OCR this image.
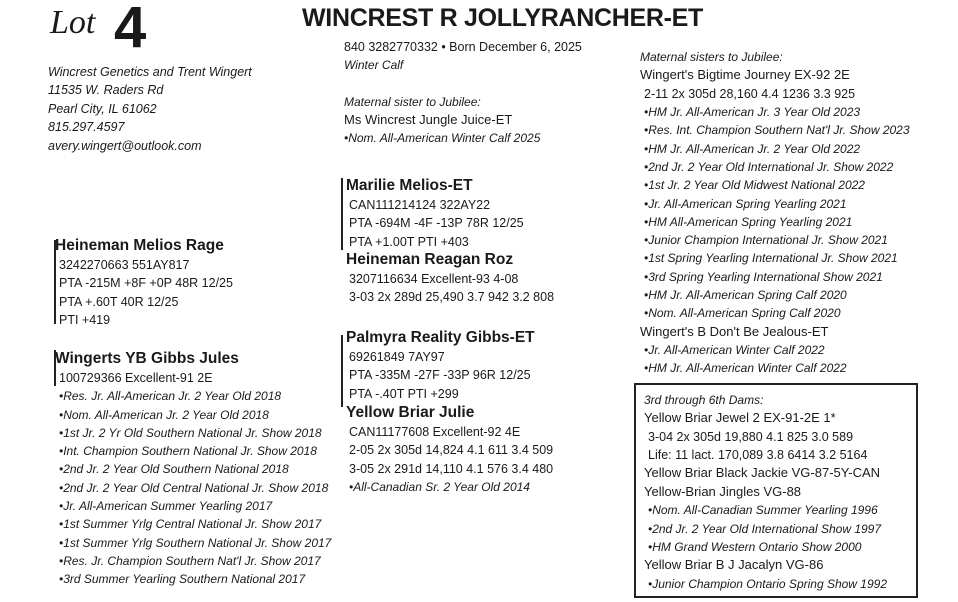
Lot 4	WINCREST R JOLLYRANCHER-ET
Wincrest Genetics and Trent Wingert
11535 W. Raders Rd
Pearl City, IL 61062
815.297.4597
avery.wingert@outlook.com
840 3282770332 • Born December 6, 2025
Winter Calf
Maternal sister to Jubilee:
Ms Wincrest Jungle Juice-ET
•Nom. All-American Winter Calf 2025
Heineman Melios Rage
3242270663 551AY817
PTA -215M +8F +0P 48R 12/25
PTA +.60T 40R 12/25
PTI +419
Wingerts YB Gibbs Jules
100729366 Excellent-91 2E
•Res. Jr. All-American Jr. 2 Year Old 2018
•Nom. All-American Jr. 2 Year Old 2018
•1st Jr. 2 Yr Old Southern National Jr. Show 2018
•Int. Champion Southern National Jr. Show 2018
•2nd Jr. 2 Year Old Southern National 2018
•2nd Jr. 2 Year Old Central National Jr. Show 2018
•Jr. All-American Summer Yearling 2017
•1st Summer Yrlg Central National Jr. Show 2017
•1st Summer Yrlg Southern National Jr. Show 2017
•Res. Jr. Champion Southern Nat'l Jr. Show 2017
•3rd Summer Yearling Southern National 2017
Marilie Melios-ET
CAN111214124 322AY22
PTA -694M -4F -13P 78R 12/25
PTA +1.00T PTI +403
Heineman Reagan Roz
3207116634 Excellent-93 4-08
3-03 2x 289d 25,490 3.7 942 3.2 808
Palmyra Reality Gibbs-ET
69261849 7AY97
PTA -335M -27F -33P 96R 12/25
PTA -.40T PTI +299
Yellow Briar Julie
CAN11177608 Excellent-92 4E
2-05 2x 305d 14,824 4.1 611 3.4 509
3-05 2x 291d 14,110 4.1 576 3.4 480
•All-Canadian Sr. 2 Year Old 2014
Maternal sisters to Jubilee:
Wingert's Bigtime Journey EX-92 2E
2-11 2x 305d 28,160 4.4 1236 3.3 925
•HM Jr. All-American Jr. 3 Year Old 2023
•Res. Int. Champion Southern Nat'l Jr. Show 2023
•HM Jr. All-American Jr. 2 Year Old 2022
•2nd Jr. 2 Year Old International Jr. Show 2022
•1st Jr. 2 Year Old Midwest National 2022
•Jr. All-American Spring Yearling 2021
•HM All-American Spring Yearling 2021
•Junior Champion International Jr. Show 2021
•1st Spring Yearling International Jr. Show 2021
•3rd Spring Yearling International Show 2021
•HM Jr. All-American Spring Calf 2020
•Nom. All-American Spring Calf 2020
Wingert's B Don't Be Jealous-ET
•Jr. All-American Winter Calf 2022
•HM Jr. All-American Winter Calf 2022
3rd through 6th Dams:
Yellow Briar Jewel 2 EX-91-2E 1*
3-04 2x 305d 19,880 4.1 825 3.0 589
Life: 11 lact. 170,089 3.8 6414 3.2 5164
Yellow Briar Black Jackie VG-87-5Y-CAN
Yellow-Brian Jingles VG-88
•Nom. All-Canadian Summer Yearling 1996
•2nd Jr. 2 Year Old International Show 1997
•HM Grand Western Ontario Show 2000
Yellow Briar B J Jacalyn VG-86
•Junior Champion Ontario Spring Show 1992
